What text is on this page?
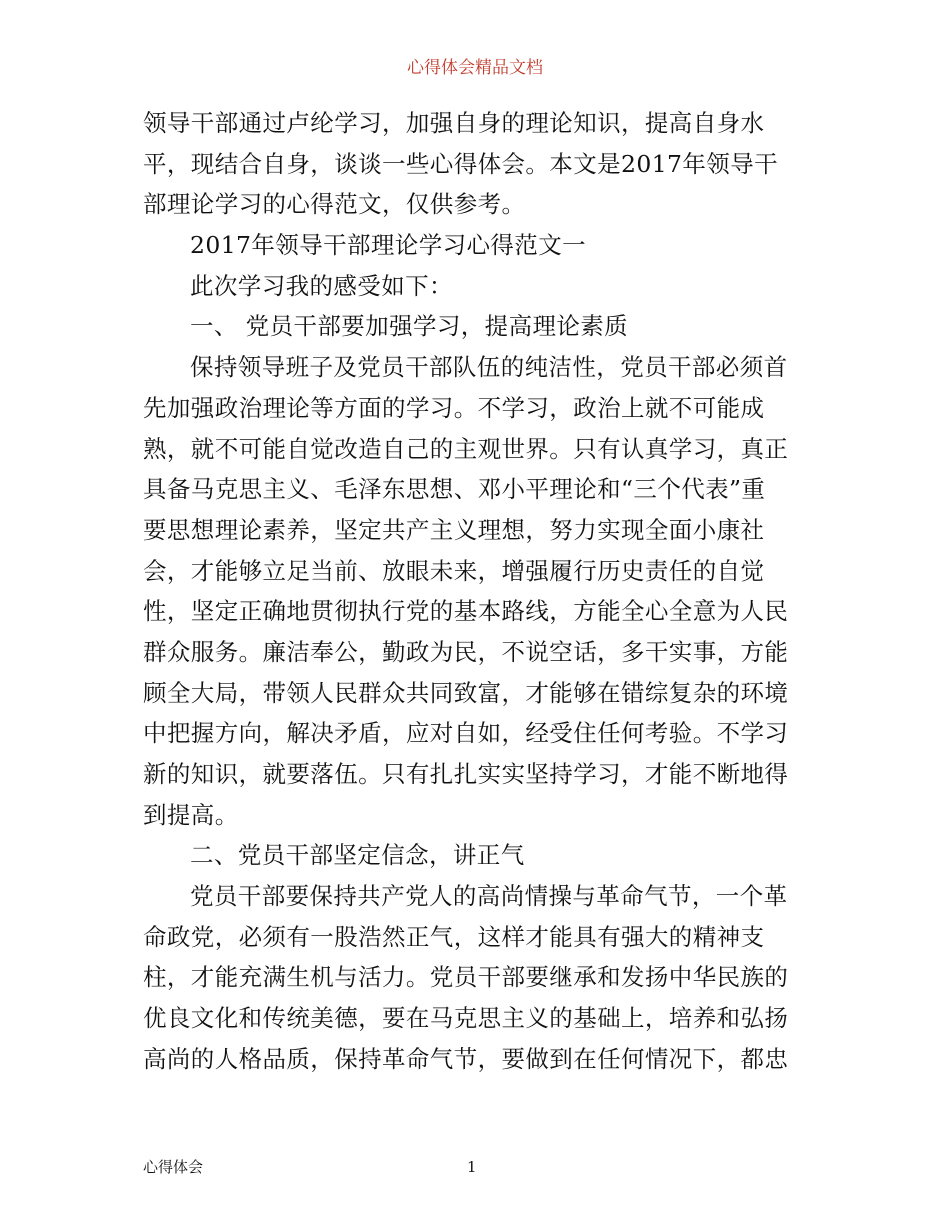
心得体会精品文档
领导干部通过卢纶学习，加强自身的理论知识，提高自身水
平，现结合自身，谈谈一些心得体会。本文是2017年领导干
部理论学习的心得范文，仅供参考。
2017年领导干部理论学习心得范文一
此次学习我的感受如下：
一、 党员干部要加强学习，提高理论素质
保持领导班子及党员干部队伍的纯洁性，党员干部必须首
先加强政治理论等方面的学习。不学习，政治上就不可能成
熟，就不可能自觉改造自己的主观世界。只有认真学习，真正
具备马克思主义、毛泽东思想、邓小平理论和“三个代表”重
要思想理论素养，坚定共产主义理想，努力实现全面小康社
会，才能够立足当前、放眼未来，增强履行历史责任的自觉
性，坚定正确地贯彻执行党的基本路线，方能全心全意为人民
群众服务。廉洁奉公，勤政为民，不说空话，多干实事，方能
顾全大局，带领人民群众共同致富，才能够在错综复杂的环境
中把握方向，解决矛盾，应对自如，经受住任何考验。不学习
新的知识，就要落伍。只有扎扎实实坚持学习，才能不断地得
到提高。
二、党员干部坚定信念，讲正气
党员干部要保持共产党人的高尚情操与革命气节，一个革
命政党，必须有一股浩然正气，这样才能具有强大的精神支
柱，才能充满生机与活力。党员干部要继承和发扬中华民族的
优良文化和传统美德，要在马克思主义的基础上，培养和弘扬
高尚的人格品质，保持革命气节，要做到在任何情况下，都忠
心得体会	1
